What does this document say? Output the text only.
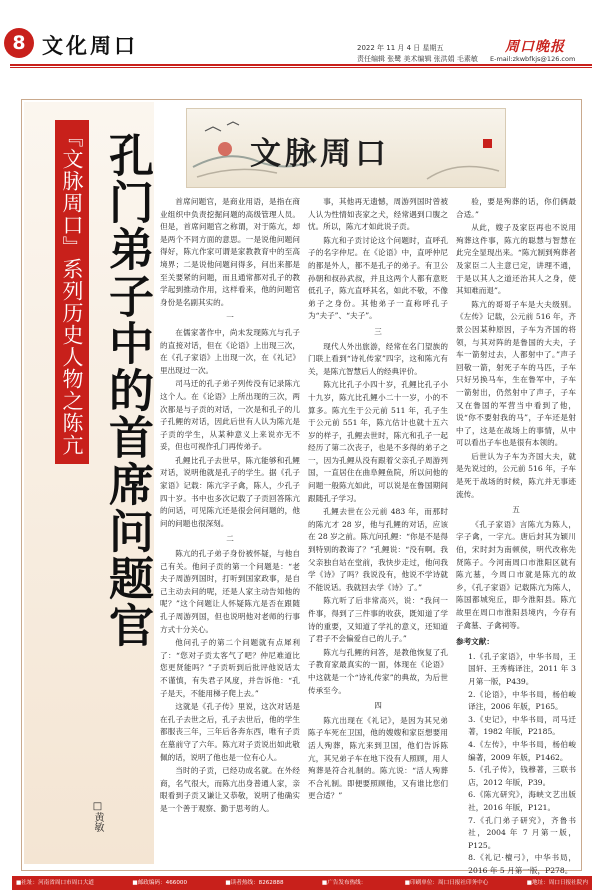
8 文化周口	2022 年 11 月 4 日 星期五
责任编辑 张鹭 美术编辑 张洪娟 毛素敏
周口晚报
E-mail:zkwbfkjs@126.com
『文脉周口』系列历史人物之陈亢 孔门弟子中的首席问题官
□黄敏
文脉周口

首席问题官，是商业用语，是指在商业组织中负责挖掘问题的高级管理人员。但是，首席问题官之称谓，对于陈亢，却是两个不同方面的意思。一是说他问题问得好，陈亢作家可谓是家教教育中的至高境界；二是说他问题问得多，问出来都是至关要紧的问题，而且通常都对孔子的教学起到推动作用，这样看来，他的问题官身份是名副其实的。

一

在儒家著作中，尚未发现陈亢与孔子的直接对话，但在《论语》上出现三次，在《孔子家语》上出现一次，在《礼记》里出现过一次。

司马迁的孔子弟子列传没有记录陈亢这个人。在《论语》上所出现的三次，两次都是与子贡的对话，一次是和孔子的儿子孔鲤的对话，因此后世有人认为陈亢是子贡的学生，从某种意义上来说亦无不妥，但也可视作孔门再传弟子。

孔鲤比孔子去世早，陈亢能够和孔鲤对话，说明他就是孔子的学生。据《孔子家语》记载：陈亢字子禽，陈人，少孔子四十岁。书中也多次记载了子贡回答陈亢的问话，可见陈亢还是很会问问题的，他问的问题也很深刻。

二

陈亢的孔子弟子身份被怀疑，与他自己有关。他问子贡的第一个问题是：“老夫子周游列国时，打听到国家政事，是自己主动去问的呢，还是人家主动告知他的呢？”这个问题让人怀疑陈亢是否在跟随孔子周游列国，但也说明他对老师的行事方式十分关心。

他问孔子的第二个问题就有点犀利了：“您对子贡太客气了吧？仲尼难道比您更贤能吗？”子贡听到后批评他说话太不谨慎，有失君子风度，并告诉他：“孔子是天，不能用梯子爬上去。”

这就是《孔子传》里说，这次对话是在孔子去世之后，孔子去世后，他的学生都服丧三年，三年后各奔东西，唯有子贡在墓前守了六年。陈亢对子贡说出如此敬佩的话，说明了他也是一位有心人。

当时的子贡，已经功成名就。在外经商，名气很大，而陈亢出身普通人家，亲眼看到子贡又谦让又恭敬，说明了他确实是一个善于观察、勤于思考的人。

事，其他再无遗憾，周游列国时曾被人认为性情如丧家之犬，经常遇到口腹之忧。所以，陈亢才如此说子贡。

陈亢和子贡讨论这个问题时，直呼孔子的名字仲尼。在《论语》中，直呼仲尼的都是外人，都不是孔子的弟子。有卫公孙朝和叔孙武叔，并且这两个人都有意贬低孔子，陈亢直呼其名，如此不敬，不像弟子之身份。其他弟子一直称呼孔子为“夫子”、“夫子”。

三

现代人外出旅游，经常在名门望族的门联上看到“诗礼传家”四字，这和陈亢有关，是陈亢智慧后人的经典评价。

陈亢比孔子小四十岁，孔鲤比孔子小十九岁，陈亢比孔鲤小二十一岁，小的不算多。陈亢生于公元前 511 年，孔子生于公元前 551 年，陈亢估计也就十五六岁的样子，孔鲤去世时，陈亢和孔子一起经历了第二次丧子，也是不多得的弟子之一，因为孔鲤从没有跟着父亲孔子周游列国，一直居住在曲阜鲤鱼院，所以问他的问题一般陈亢如此，可以说是在鲁国期间跟随孔子学习。

孔鲤去世在公元前 483 年，而那时的陈亢才 28 岁，他与孔鲤的对话，应该在 28 岁之前。陈亢问孔鲤：“你是不是得到特别的教诲了？”孔鲤说：“没有啊。我父亲独自站在堂前，我快步走过，他问我学《诗》了吗？我说没有，他说不学诗就不能说话。我就回去学《诗》了。”

陈亢听了后非常高兴，说：“我问一件事，得到了三件事的收获，既知道了学诗的重要，又知道了学礼的意义，还知道了君子不会偏爱自己的儿子。”

陈亢与孔鲤的问答，是教他恢复了孔子教育家最真实的一面，体现在《论语》中这就是一个“诗礼传家”的典故，为后世传承至今。

四

陈亢出现在《礼记》，是因为其兄弟陈子车死在卫国，他的嫂嫂和家臣想要用活人殉葬，陈亢来到卫国，他们告诉陈亢，其兄弟子车在地下没有人照顾，用人殉葬是符合礼制的。陈亢说：“活人殉葬不合礼制。即便要照顾他，又有谁比您们更合适？”

验，要是殉葬的话，你们俩最合适。”

从此，嫂子及家臣再也不说用殉葬这件事，陈亢的聪慧与智慧在此完全显现出来。“陈亢制到殉葬者及家臣二人主意已定，讲理不通，于是以其人之道还治其人之身，使其知难而退”。

陈亢的哥哥子车是大夫级别。《左传》记载，公元前 516 年，齐景公因某种原因，子车为齐国的将领，与其对阵的是鲁国的大夫，子车一箭射过去，人都射中了。”声子回敬一箭，射死子车的马匹，子车只好另换马车，生在鲁军中，子车一箭射出，仍然射中了声子，子车又在鲁国的军营当中看到了他，说“你不要射我的马”，子车还是射中了，这是在战场上的事情，从中可以看出子车也是很有本领的。

后世认为子车为齐国大夫，就是先说过的，公元前 516 年，子车是死于战场的时候，陈亢并无事迹流传。

五

《孔子家语》言陈亢为陈人，字子禽，一字亢。唐后封其为颖川伯，宋时封为南顿侯，明代改称先贤陈子。今河南周口市淮阳区就有陈亢墓，今周口市就是陈亢的故乡，《孔子家语》记载陈亢为陈人，陈国都城宛丘，即今淮阳县。陈亢故里在周口市淮阳县境内，今存有子禽墓、子禽祠等。

参考文献：

1.《孔子家语》，中华书局，王国轩、王秀梅译注，2011 年 3 月第一版，P439。

2.《论语》，中华书局，杨伯峻译注，2006 年版，P165。

3.《史记》，中华书局，司马迁著，1982 年版，P2185。

4.《左传》，中华书局，杨伯峻编著，2009 年版，P1462。

5.《孔子传》，钱穆著，三联书店，2012 年版，P39。

6.《陈亢研究》，海峡文艺出版社，2016 年版，P121。

7.《孔门弟子研究》，齐鲁书社，2004 年 7 月第一版，P125。

8.《礼记·檀弓》，中华书局，2016 年 5 月第一版，P278。

■社址：河南省周口市周口大道	■邮政编码：466000	■读者热线：8262888	■广告发布热线：	■印刷单位：周口日报社印务中心	■地址：周口日报社院内
